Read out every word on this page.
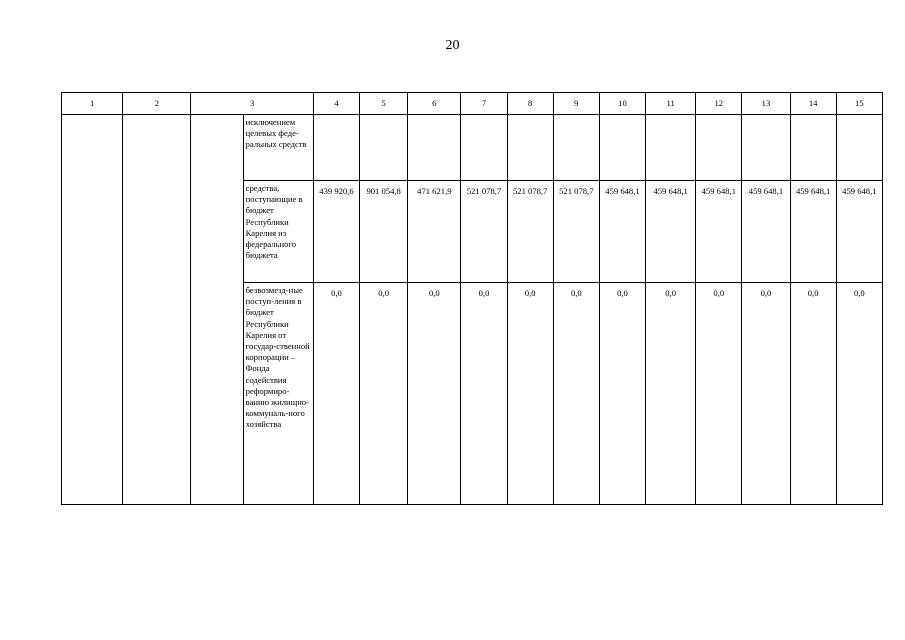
20
1	2	3		4	5	6	7	8	9	10	11	12	13	14	15
			исключением целевых феде-ральных средств												
			средства, поступающие в бюджет Республики Карелия из федерального бюджета	439 920,6	901 054,8	471 621,9	521 078,7	521 078,7	521 078,7	459 648,1	459 648,1	459 648,1	459 648,1	459 648,1	459 648,1
			безвозмезд-ные поступ-ления в бюджет Республики Карелия от государ-ственной корпорации – Фонда содействия реформиро-ванию жилищно-коммуналь-ного хозяйства	0,0	0,0	0,0	0,0	0,0	0,0	0,0	0,0	0,0	0,0	0,0	0,0
